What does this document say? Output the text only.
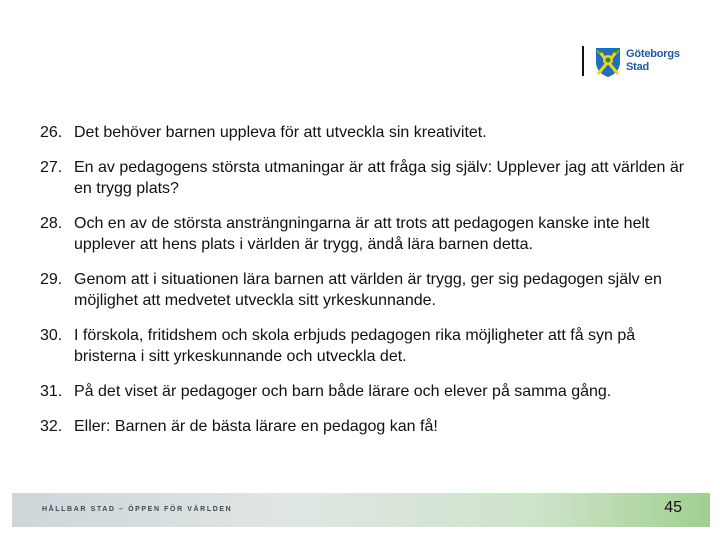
Göteborgs
Stad
26. Det behöver barnen uppleva för att utveckla sin kreativitet.
27. En av pedagogens största utmaningar är att fråga sig själv: Upplever jag att världen är en trygg plats?
28. Och en av de största ansträngningarna är att trots att pedagogen kanske inte helt upplever att hens plats i världen är trygg, ändå lära barnen detta.
29. Genom att i situationen lära barnen att världen är trygg, ger sig pedagogen själv en möjlighet att medvetet utveckla sitt yrkeskunnande.
30. I förskola, fritidshem och skola erbjuds pedagogen rika möjligheter att få syn på bristerna i sitt yrkeskunnande och utveckla det.
31. På det viset är pedagoger och barn både lärare och elever på samma gång.
32. Eller: Barnen är de bästa lärare en pedagog kan få!
HÅLLBAR STAD – ÖPPEN FÖR VÄRLDEN	45
